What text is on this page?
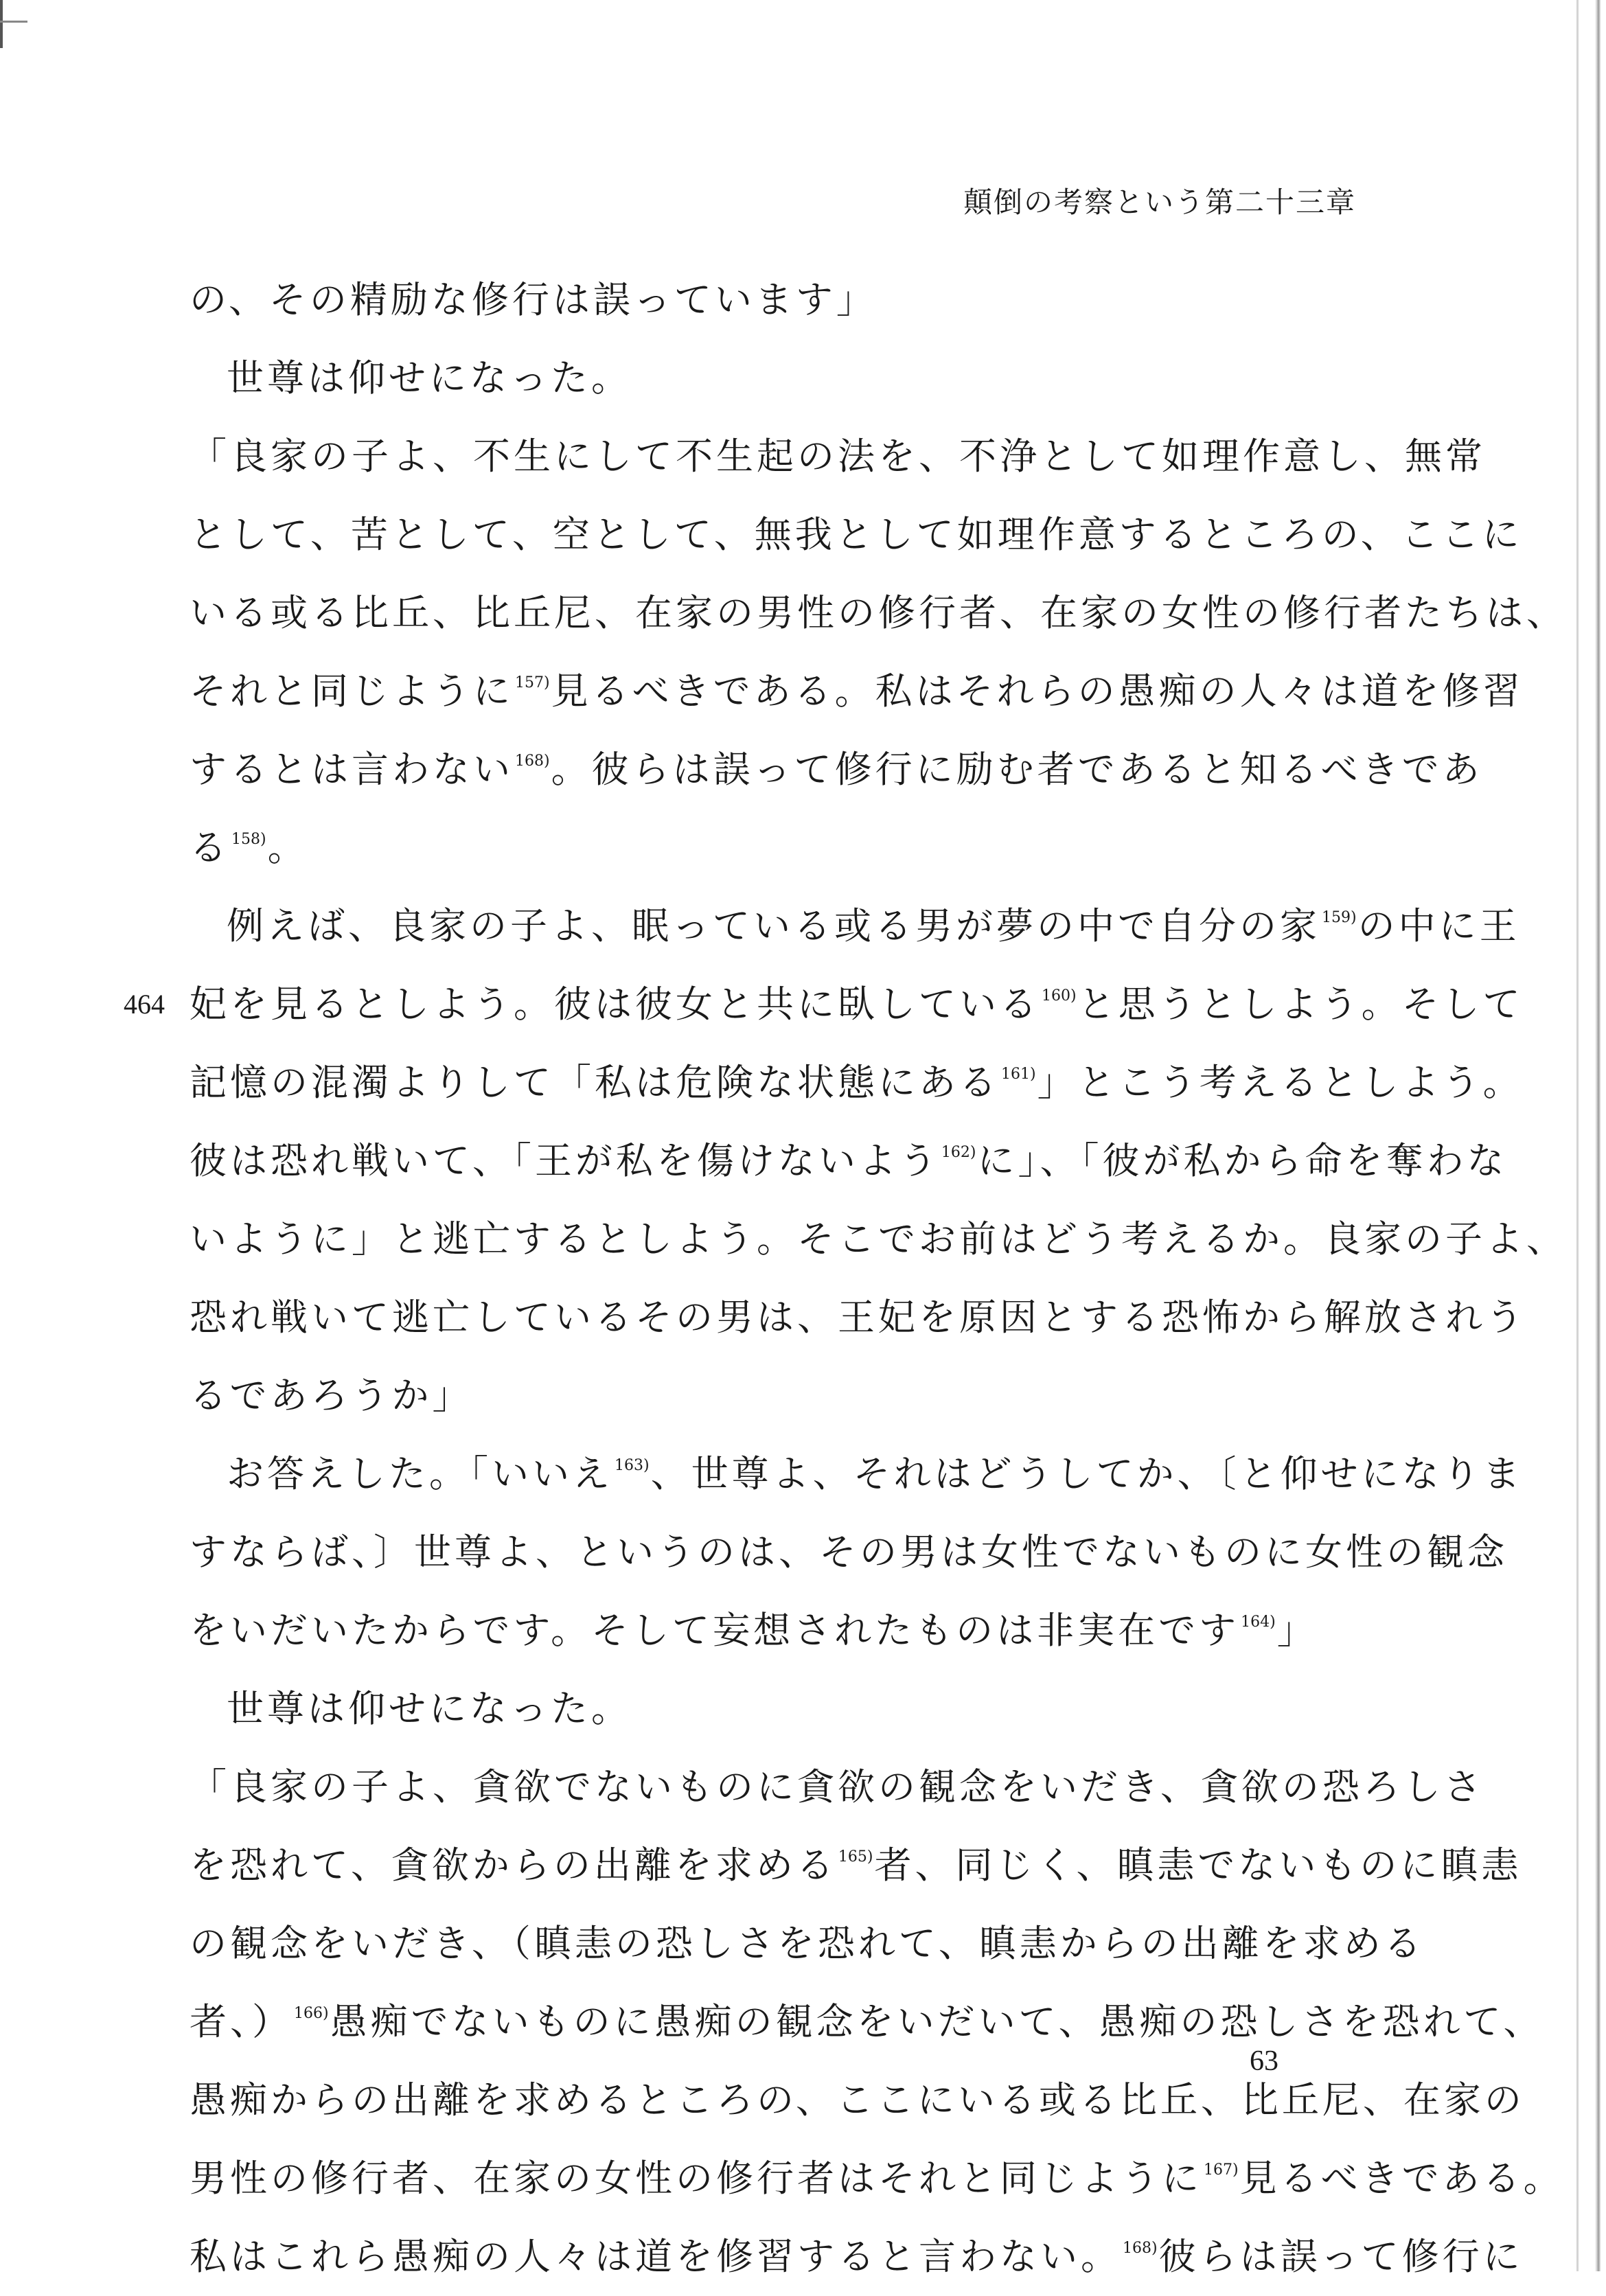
顛倒の考察という第二十三章
の、その精励な修行は誤っています」
世尊は仰せになった。
「良家の子よ、不生にして不生起の法を、不浄として如理作意し、無常
として、苦として、空として、無我として如理作意するところの、ここに
いる或る比丘、比丘尼、在家の男性の修行者、在家の女性の修行者たちは、
それと同じように$^{157)}$見るべきである。私はそれらの愚痴の人々は道を修習
するとは言わない$^{168)}$。彼らは誤って修行に励む者であると知るべきであ
る$^{158)}$。
例えば、良家の子よ、眠っている或る男が夢の中で自分の家$^{159)}$の中に王
464 妃を見るとしよう。彼は彼女と共に臥している$^{160)}$と思うとしよう。そして
記憶の混濁よりして「私は危険な状態にある$^{161)}$」とこう考えるとしよう。
彼は恐れ戦いて、「王が私を傷けないよう$^{162)}$に」、「彼が私から命を奪わな
いように」と逃亡するとしよう。そこでお前はどう考えるか。良家の子よ、
恐れ戦いて逃亡しているその男は、王妃を原因とする恐怖から解放されう
るであろうか」
お答えした。「いいえ$^{163)}$、世尊よ、それはどうしてか、〔と仰せになりま
すならば、〕世尊よ、というのは、その男は女性でないものに女性の観念
をいだいたからです。そして妄想されたものは非実在です$^{164)}$」
世尊は仰せになった。
「良家の子よ、貪欲でないものに貪欲の観念をいだき、貪欲の恐ろしさ
を恐れて、貪欲からの出離を求める$^{165)}$者、同じく、瞋恚でないものに瞋恚
の観念をいだき、（瞋恚の恐しさを恐れて、瞋恚からの出離を求める
者、）$^{166)}$愚痴でないものに愚痴の観念をいだいて、愚痴の恐しさを恐れて、
愚痴からの出離を求めるところの、ここにいる或る比丘、比丘尼、在家の
男性の修行者、在家の女性の修行者はそれと同じように$^{167)}$見るべきである。
私はこれら愚痴の人々は道を修習すると言わない。$^{168)}$彼らは誤って修行に
63
